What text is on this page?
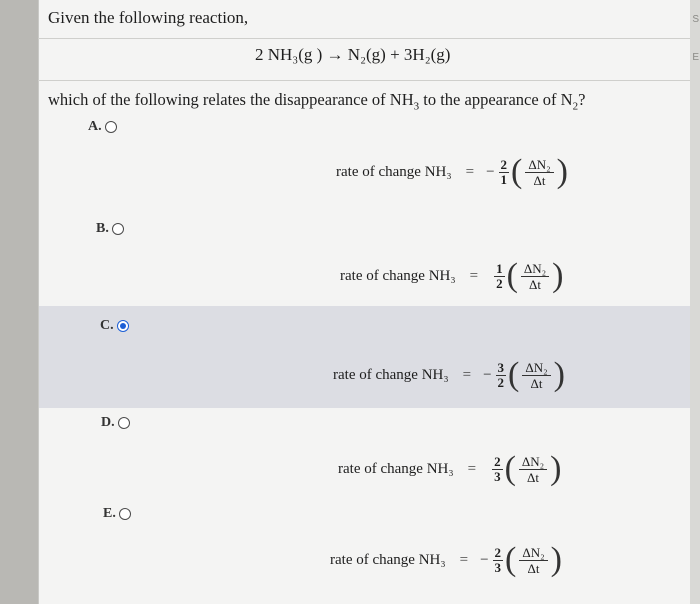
S
E
Given the following reaction,
2 NH₃(g ) → N₂(g) + 3H₂(g)
which of the following relates the disappearance of $NH_3$ to the appearance of $N_2$?
A.
rate of change NH₃ = − $\frac{2}{1}$ ( $\frac{\text{ΔN₂}}{\Delta t}$ )
B.
rate of change $NH_3 = \frac{1}{2}$ ( $\frac{\text{ΔN₂}}{\Delta t}$ )
C.
rate of change NH₃ = − $\frac{3}{2}$ ( $\frac{\text{ΔN₂}}{\Delta t}$ )
D.
rate of change $NH_3 = \frac{2}{3}$ ( $\frac{\text{ΔN₂}}{\Delta t}$ )
E.
rate of change NH₃ = − $\frac{2}{3}$ ( $\frac{\text{ΔN₂}}{\Delta t}$ )
